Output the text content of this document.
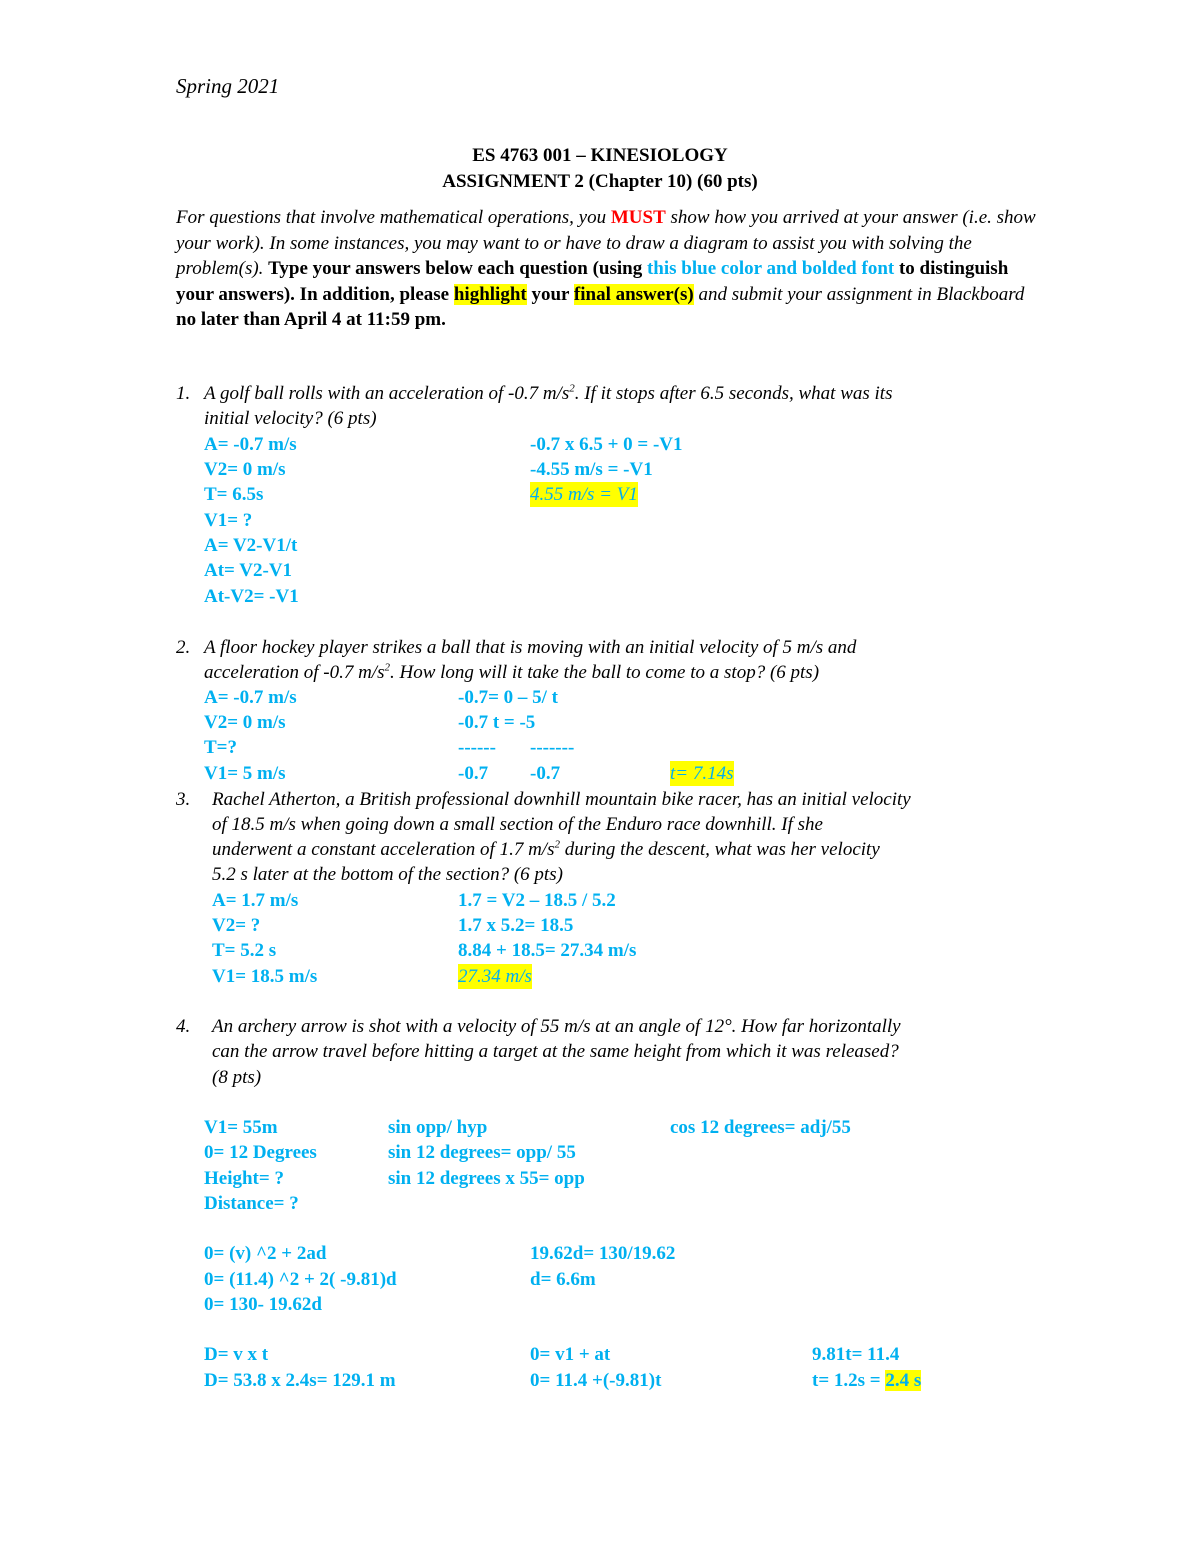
Spring 2021
ES 4763 001 – KINESIOLOGY
ASSIGNMENT 2 (Chapter 10) (60 pts)
For questions that involve mathematical operations, you MUST show how you arrived at your answer (i.e. show your work). In some instances, you may want to or have to draw a diagram to assist you with solving the problem(s). Type your answers below each question (using this blue color and bolded font to distinguish your answers). In addition, please highlight your final answer(s) and submit your assignment in Blackboard no later than April 4 at 11:59 pm.
1. A golf ball rolls with an acceleration of -0.7 $m/s^2$. If it stops after 6.5 seconds, what was its
initial velocity? (6 pts)
A= -0.7 m/s
V2= 0 m/s
T= 6.5s
V1= ?
A= V2-V1/t
At= V2-V1
At-V2= -V1
-0.7 x 6.5 + 0 = -V1
-4.55 m/s = -V1
4.55 m/s = V1
2. A floor hockey player strikes a ball that is moving with an initial velocity of 5 m/s and
acceleration of -0.7 $m/s^2$. How long will it take the ball to come to a stop? (6 pts)
A= -0.7 m/s
V2= 0 m/s
T=?
V1= 5 m/s
-0.7= 0 – 5/ t
-0.7 t = -5
------
-0.7
-------
-0.7	t= 7.14s
3. Rachel Atherton, a British professional downhill mountain bike racer, has an initial velocity
of 18.5 m/s when going down a small section of the Enduro race downhill. If she
underwent a constant acceleration of 1.7 $m/s^2$ during the descent, what was her velocity
5.2 s later at the bottom of the section? (6 pts)
A= 1.7 m/s
V2= ?
T= 5.2 s
V1= 18.5 m/s
1.7 = V2 – 18.5 / 5.2
1.7 x 5.2= 18.5
8.84 + 18.5= 27.34 m/s
27.34 m/s
4. An archery arrow is shot with a velocity of 55 m/s at an angle of 12°. How far horizontally
can the arrow travel before hitting a target at the same height from which it was released?
(8 pts)
V1= 55m
0= 12 Degrees
Height= ?
Distance= ?
sin opp/ hyp
sin 12 degrees= opp/ 55
sin 12 degrees x 55= opp
cos 12 degrees= adj/55
0= (v) ^2 + 2ad
0= (11.4) ^2 + 2( -9.81)d
0= 130- 19.62d
19.62d= 130/19.62
d= 6.6m
D= v x t
D= 53.8 x 2.4s= 129.1 m
0= v1 + at
0= 11.4 +(-9.81)t
9.81t= 11.4
t= 1.2s = 2.4 s
